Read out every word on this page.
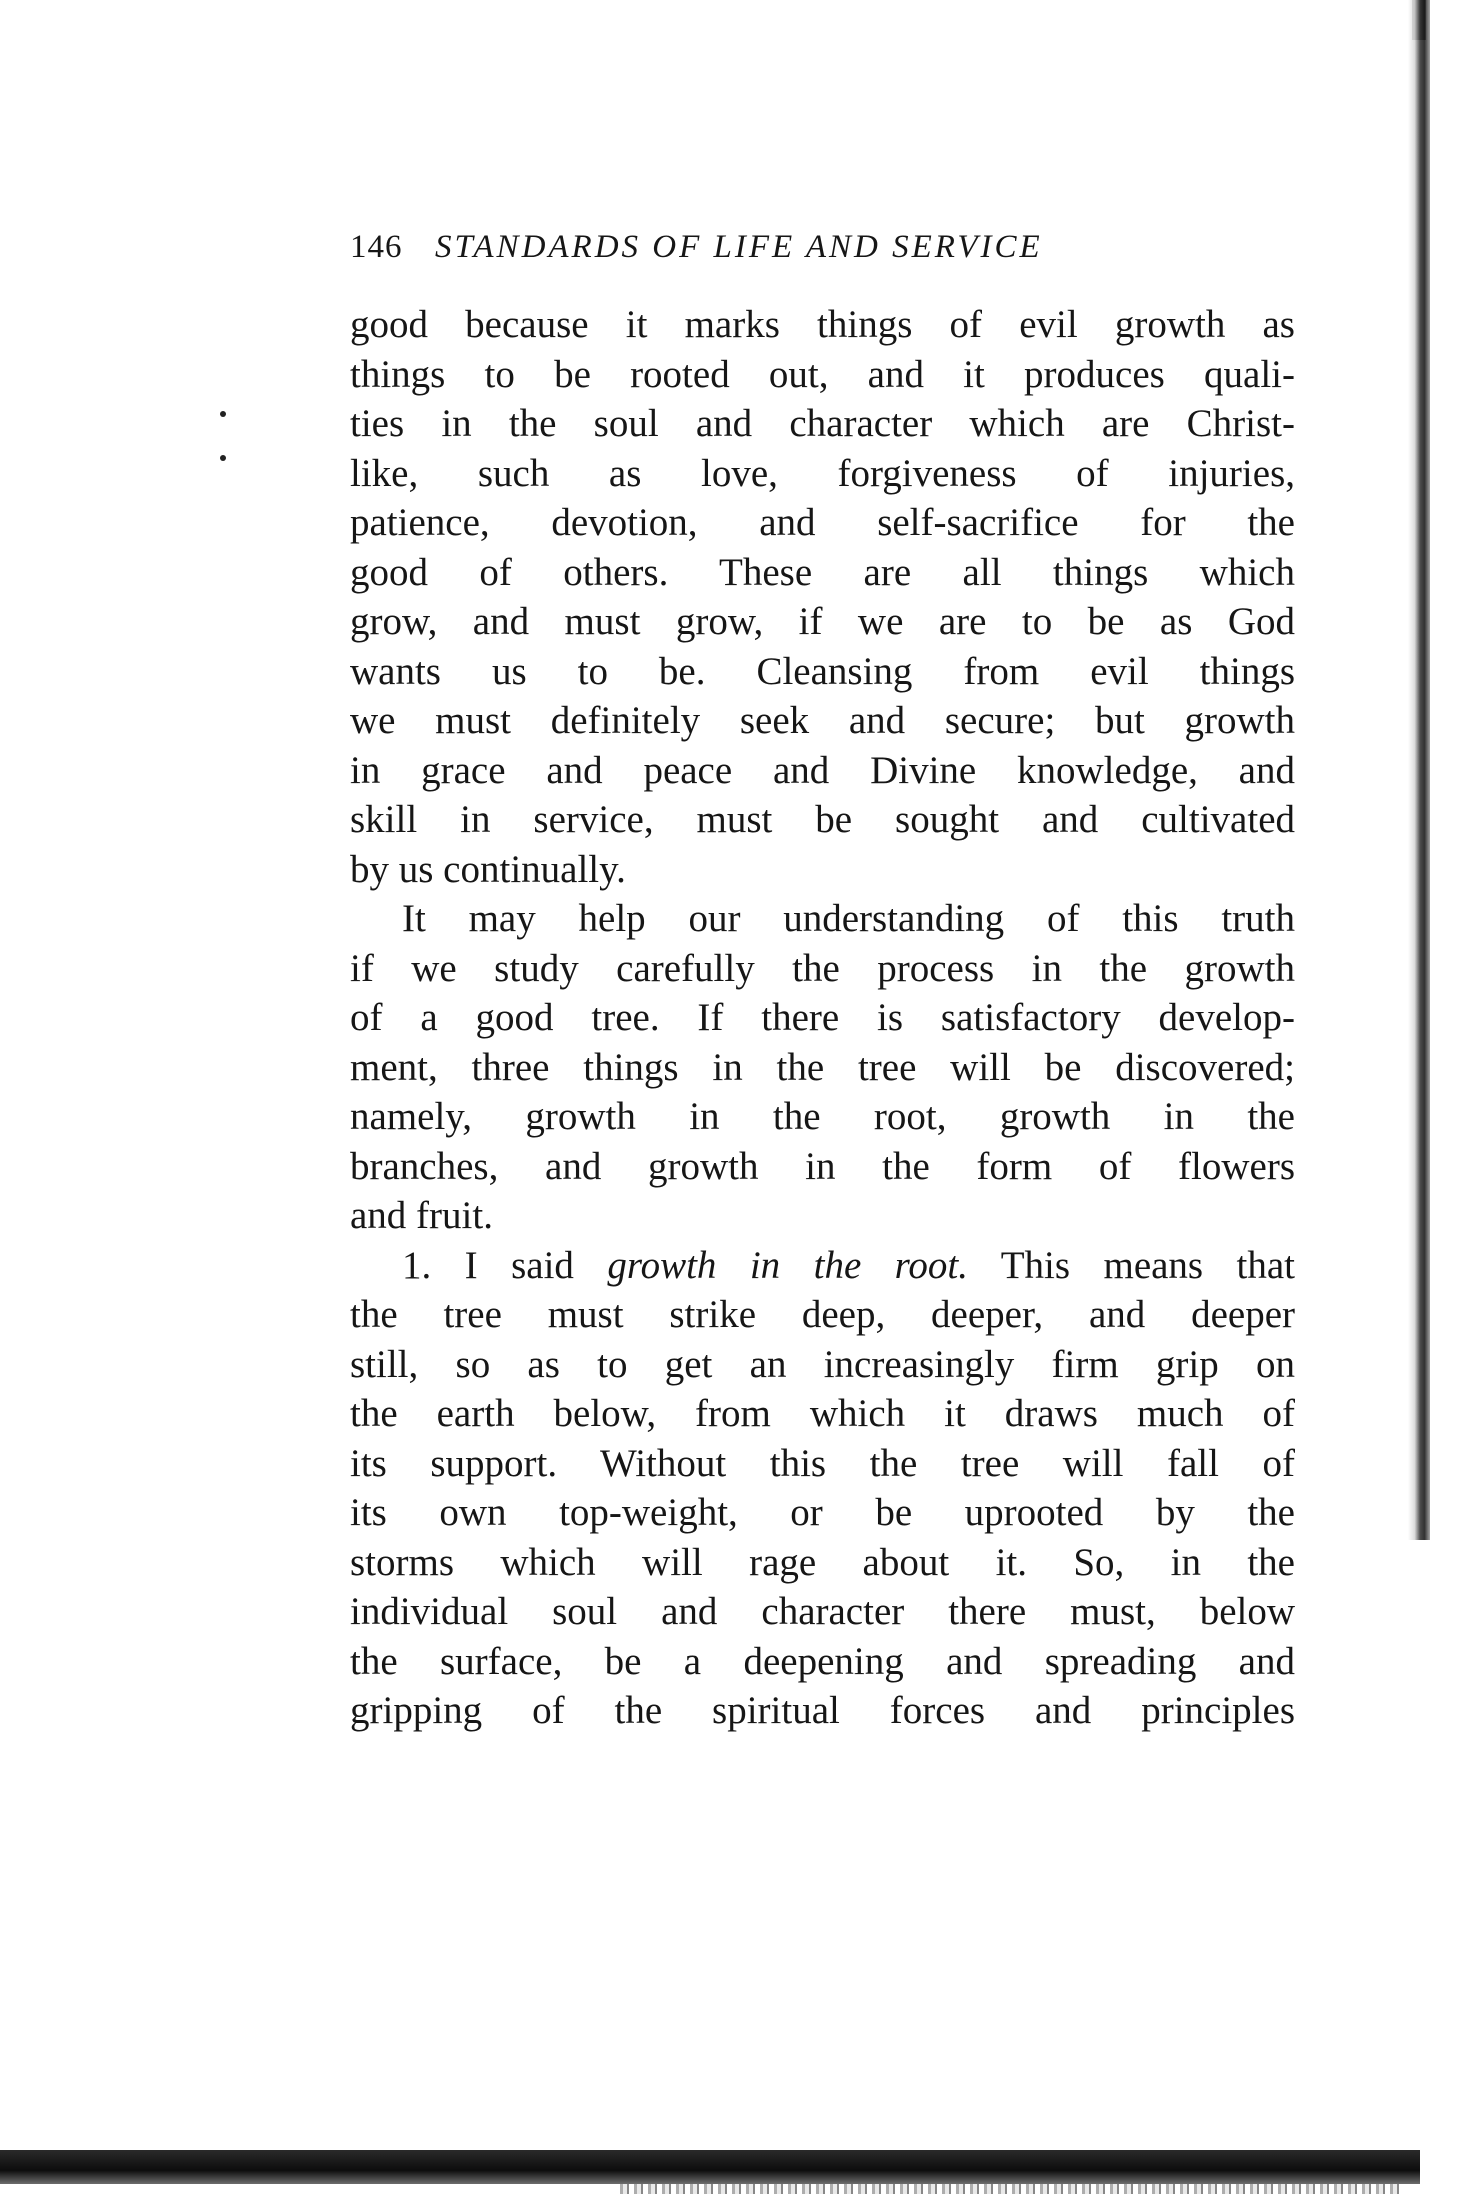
146 STANDARDS OF LIFE AND SERVICE
good because it marks things of evil growth as
things to be rooted out, and it produces quali-
ties in the soul and character which are Christ-
like, such as love, forgiveness of injuries,
patience, devotion, and self-sacrifice for the
good of others. These are all things which
grow, and must grow, if we are to be as God
wants us to be. Cleansing from evil things
we must definitely seek and secure; but growth
in grace and peace and Divine knowledge, and
skill in service, must be sought and cultivated
by us continually.
It may help our understanding of this truth
if we study carefully the process in the growth
of a good tree. If there is satisfactory develop-
ment, three things in the tree will be discovered;
namely, growth in the root, growth in the
branches, and growth in the form of flowers
and fruit.
1. I said growth in the root. This means that
the tree must strike deep, deeper, and deeper
still, so as to get an increasingly firm grip on
the earth below, from which it draws much of
its support. Without this the tree will fall of
its own top-weight, or be uprooted by the
storms which will rage about it. So, in the
individual soul and character there must, below
the surface, be a deepening and spreading and
gripping of the spiritual forces and principles
